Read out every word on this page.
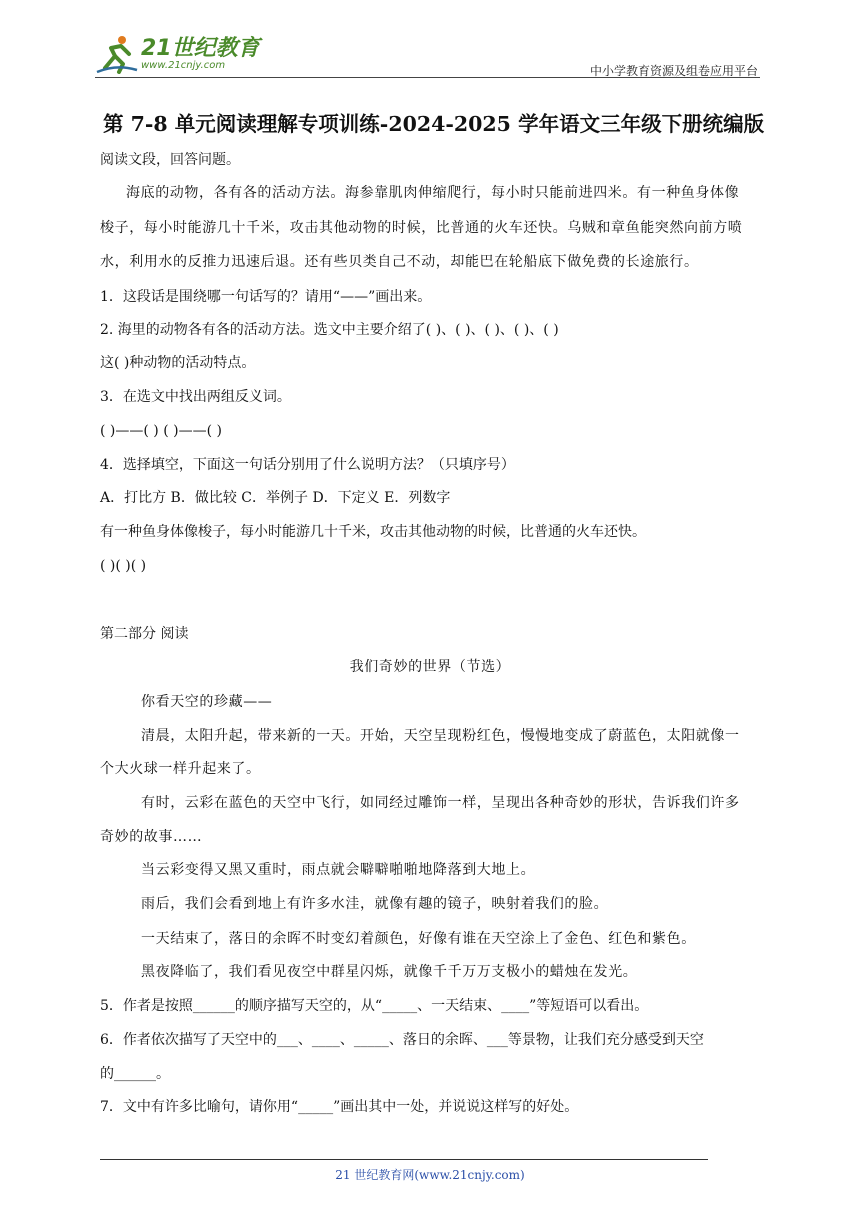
21世纪教育
www.21cnjy.com	中小学教育资源及组卷应用平台
第 7-8 单元阅读理解专项训练-2024-2025 学年语文三年级下册统编版
阅读文段，回答问题。
海底的动物，各有各的活动方法。海参靠肌肉伸缩爬行，每小时只能前进四米。有一种鱼身体像
梭子，每小时能游几十千米，攻击其他动物的时候，比普通的火车还快。乌贼和章鱼能突然向前方喷
水，利用水的反推力迅速后退。还有些贝类自己不动，却能巴在轮船底下做免费的长途旅行。
1．这段话是围绕哪一句话写的？请用“——”画出来。
2. 海里的动物各有各的活动方法。选文中主要介绍了( )、( )、( )、( )、( )
这( )种动物的活动特点。
3．在选文中找出两组反义词。
( )——( ) ( )——( )
4．选择填空，下面这一句话分别用了什么说明方法？（只填序号）
A．打比方 B．做比较 C．举例子 D．下定义 E．列数字
有一种鱼身体像梭子，每小时能游几十千米，攻击其他动物的时候，比普通的火车还快。
( )( )( )
第二部分 阅读
我们奇妙的世界（节选）
你看天空的珍藏——
清晨，太阳升起，带来新的一天。开始，天空呈现粉红色，慢慢地变成了蔚蓝色，太阳就像一
个大火球一样升起来了。
有时，云彩在蓝色的天空中飞行，如同经过雕饰一样，呈现出各种奇妙的形状，告诉我们许多
奇妙的故事……
当云彩变得又黑又重时，雨点就会噼噼啪啪地降落到大地上。
雨后，我们会看到地上有许多水洼，就像有趣的镜子，映射着我们的脸。
一天结束了，落日的余晖不时变幻着颜色，好像有谁在天空涂上了金色、红色和紫色。
黑夜降临了，我们看见夜空中群星闪烁，就像千千万万支极小的蜡烛在发光。
5．作者是按照______的顺序描写天空的，从“_____、一天结束、____”等短语可以看出。
6．作者依次描写了天空中的___、____、_____、落日的余晖、___等景物，让我们充分感受到天空
的______。
7．文中有许多比喻句，请你用“_____”画出其中一处，并说说这样写的好处。
21 世纪教育网(www.21cnjy.com)
